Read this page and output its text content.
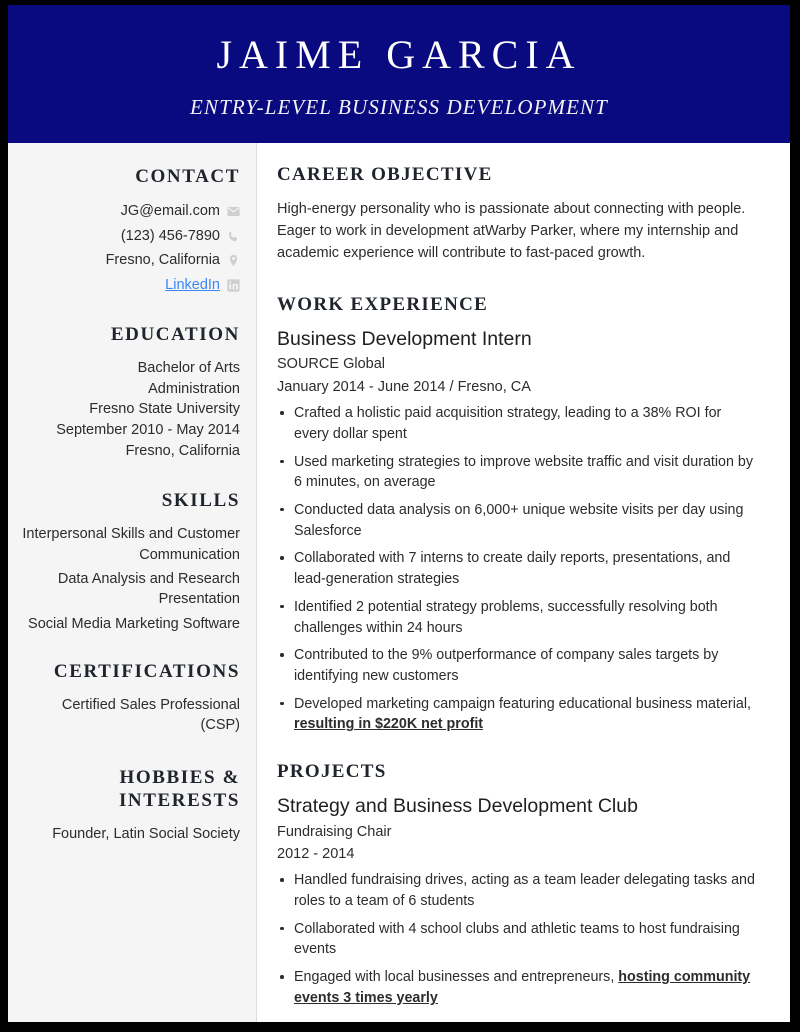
JAIME GARCIA
ENTRY-LEVEL BUSINESS DEVELOPMENT
CONTACT
JG@email.com
(123) 456-7890
Fresno, California
LinkedIn
EDUCATION
Bachelor of Arts
Administration
Fresno State University
September 2010 - May 2014
Fresno, California
SKILLS
Interpersonal Skills and Customer Communication
Data Analysis and Research Presentation
Social Media Marketing Software
CERTIFICATIONS
Certified Sales Professional (CSP)
HOBBIES & INTERESTS
Founder, Latin Social Society
CAREER OBJECTIVE

High-energy personality who is passionate about connecting with people. Eager to work in development atWarby Parker, where my internship and academic experience will contribute to fast-paced growth.

WORK EXPERIENCE
Business Development Intern
SOURCE Global
January 2014 - June 2014 / Fresno, CA
Crafted a holistic paid acquisition strategy, leading to a 38% ROI for every dollar spent
Used marketing strategies to improve website traffic and visit duration by 6 minutes, on average
Conducted data analysis on 6,000+ unique website visits per day using Salesforce
Collaborated with 7 interns to create daily reports, presentations, and lead-generation strategies
Identified 2 potential strategy problems, successfully resolving both challenges within 24 hours
Contributed to the 9% outperformance of company sales targets by identifying new customers
Developed marketing campaign featuring educational business material, resulting in $220K net profit
PROJECTS
Strategy and Business Development Club
Fundraising Chair
2012 - 2014
Handled fundraising drives, acting as a team leader delegating tasks and roles to a team of 6 students
Collaborated with 4 school clubs and athletic teams to host fundraising events
Engaged with local businesses and entrepreneurs, hosting community events 3 times yearly
